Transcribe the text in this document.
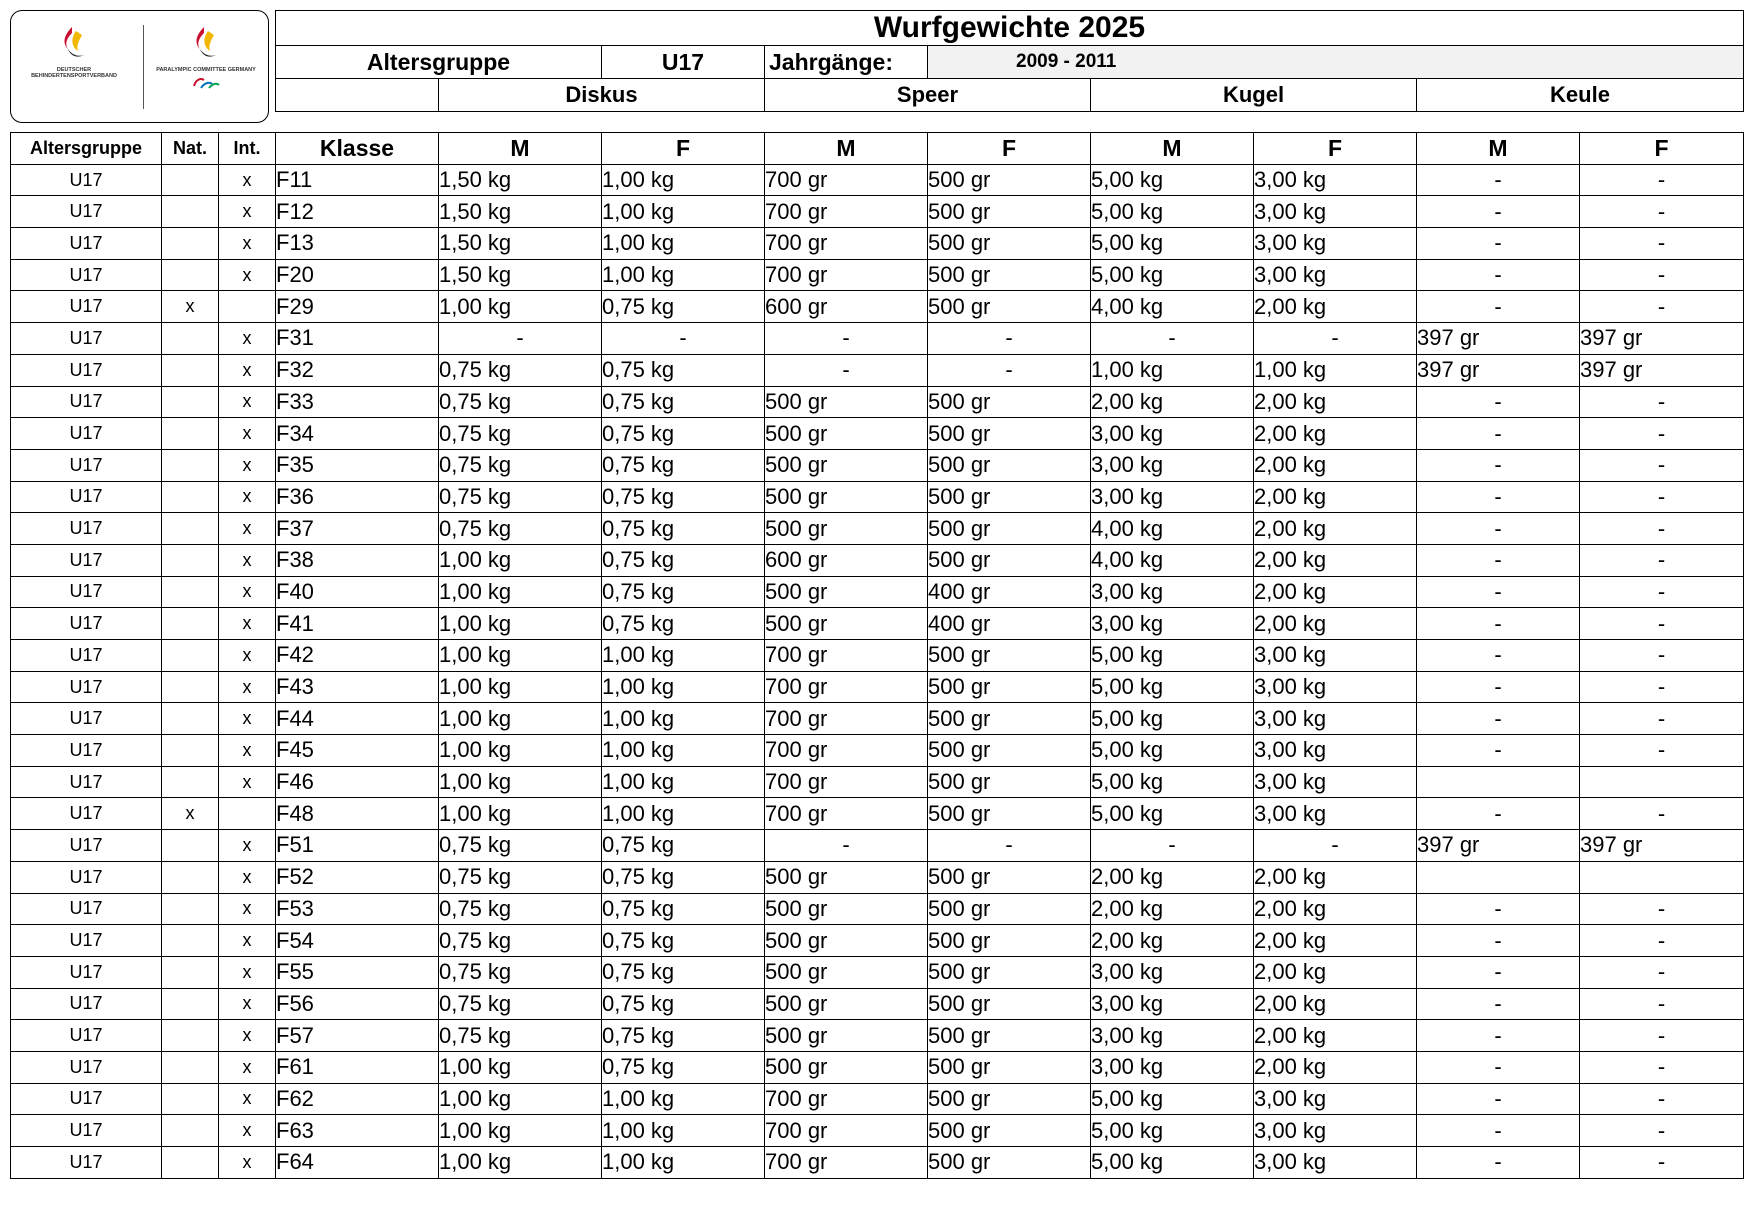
DEUTSCHER BEHINDERTENSPORTVERBAND
PARALYMPIC COMMITTEE GERMANY
Wurfgewichte 2025						
Altersgruppe		U17	Jahrgänge:	2009 - 2011		
	Diskus		Speer		Kugel	Keule
Altersgruppe	Nat.	Int.	Klasse	M	F	M	F	M	F	M	F
U17		x	F11	1,50 kg	1,00 kg	700 gr	500 gr	5,00 kg	3,00 kg	-	-
U17		x	F12	1,50 kg	1,00 kg	700 gr	500 gr	5,00 kg	3,00 kg	-	-
U17		x	F13	1,50 kg	1,00 kg	700 gr	500 gr	5,00 kg	3,00 kg	-	-
U17		x	F20	1,50 kg	1,00 kg	700 gr	500 gr	5,00 kg	3,00 kg	-	-
U17	x		F29	1,00 kg	0,75 kg	600 gr	500 gr	4,00 kg	2,00 kg	-	-
U17		x	F31	-	-	-	-	-	-	397 gr	397 gr
U17		x	F32	0,75 kg	0,75 kg	-	-	1,00 kg	1,00 kg	397 gr	397 gr
U17		x	F33	0,75 kg	0,75 kg	500 gr	500 gr	2,00 kg	2,00 kg	-	-
U17		x	F34	0,75 kg	0,75 kg	500 gr	500 gr	3,00 kg	2,00 kg	-	-
U17		x	F35	0,75 kg	0,75 kg	500 gr	500 gr	3,00 kg	2,00 kg	-	-
U17		x	F36	0,75 kg	0,75 kg	500 gr	500 gr	3,00 kg	2,00 kg	-	-
U17		x	F37	0,75 kg	0,75 kg	500 gr	500 gr	4,00 kg	2,00 kg	-	-
U17		x	F38	1,00 kg	0,75 kg	600 gr	500 gr	4,00 kg	2,00 kg	-	-
U17		x	F40	1,00 kg	0,75 kg	500 gr	400 gr	3,00 kg	2,00 kg	-	-
U17		x	F41	1,00 kg	0,75 kg	500 gr	400 gr	3,00 kg	2,00 kg	-	-
U17		x	F42	1,00 kg	1,00 kg	700 gr	500 gr	5,00 kg	3,00 kg	-	-
U17		x	F43	1,00 kg	1,00 kg	700 gr	500 gr	5,00 kg	3,00 kg	-	-
U17		x	F44	1,00 kg	1,00 kg	700 gr	500 gr	5,00 kg	3,00 kg	-	-
U17		x	F45	1,00 kg	1,00 kg	700 gr	500 gr	5,00 kg	3,00 kg	-	-
U17		x	F46	1,00 kg	1,00 kg	700 gr	500 gr	5,00 kg	3,00 kg		
U17	x		F48	1,00 kg	1,00 kg	700 gr	500 gr	5,00 kg	3,00 kg	-	-
U17		x	F51	0,75 kg	0,75 kg	-	-	-	-	397 gr	397 gr
U17		x	F52	0,75 kg	0,75 kg	500 gr	500 gr	2,00 kg	2,00 kg		
U17		x	F53	0,75 kg	0,75 kg	500 gr	500 gr	2,00 kg	2,00 kg	-	-
U17		x	F54	0,75 kg	0,75 kg	500 gr	500 gr	2,00 kg	2,00 kg	-	-
U17		x	F55	0,75 kg	0,75 kg	500 gr	500 gr	3,00 kg	2,00 kg	-	-
U17		x	F56	0,75 kg	0,75 kg	500 gr	500 gr	3,00 kg	2,00 kg	-	-
U17		x	F57	0,75 kg	0,75 kg	500 gr	500 gr	3,00 kg	2,00 kg	-	-
U17		x	F61	1,00 kg	0,75 kg	500 gr	500 gr	3,00 kg	2,00 kg	-	-
U17		x	F62	1,00 kg	1,00 kg	700 gr	500 gr	5,00 kg	3,00 kg	-	-
U17		x	F63	1,00 kg	1,00 kg	700 gr	500 gr	5,00 kg	3,00 kg	-	-
U17		x	F64	1,00 kg	1,00 kg	700 gr	500 gr	5,00 kg	3,00 kg	-	-
